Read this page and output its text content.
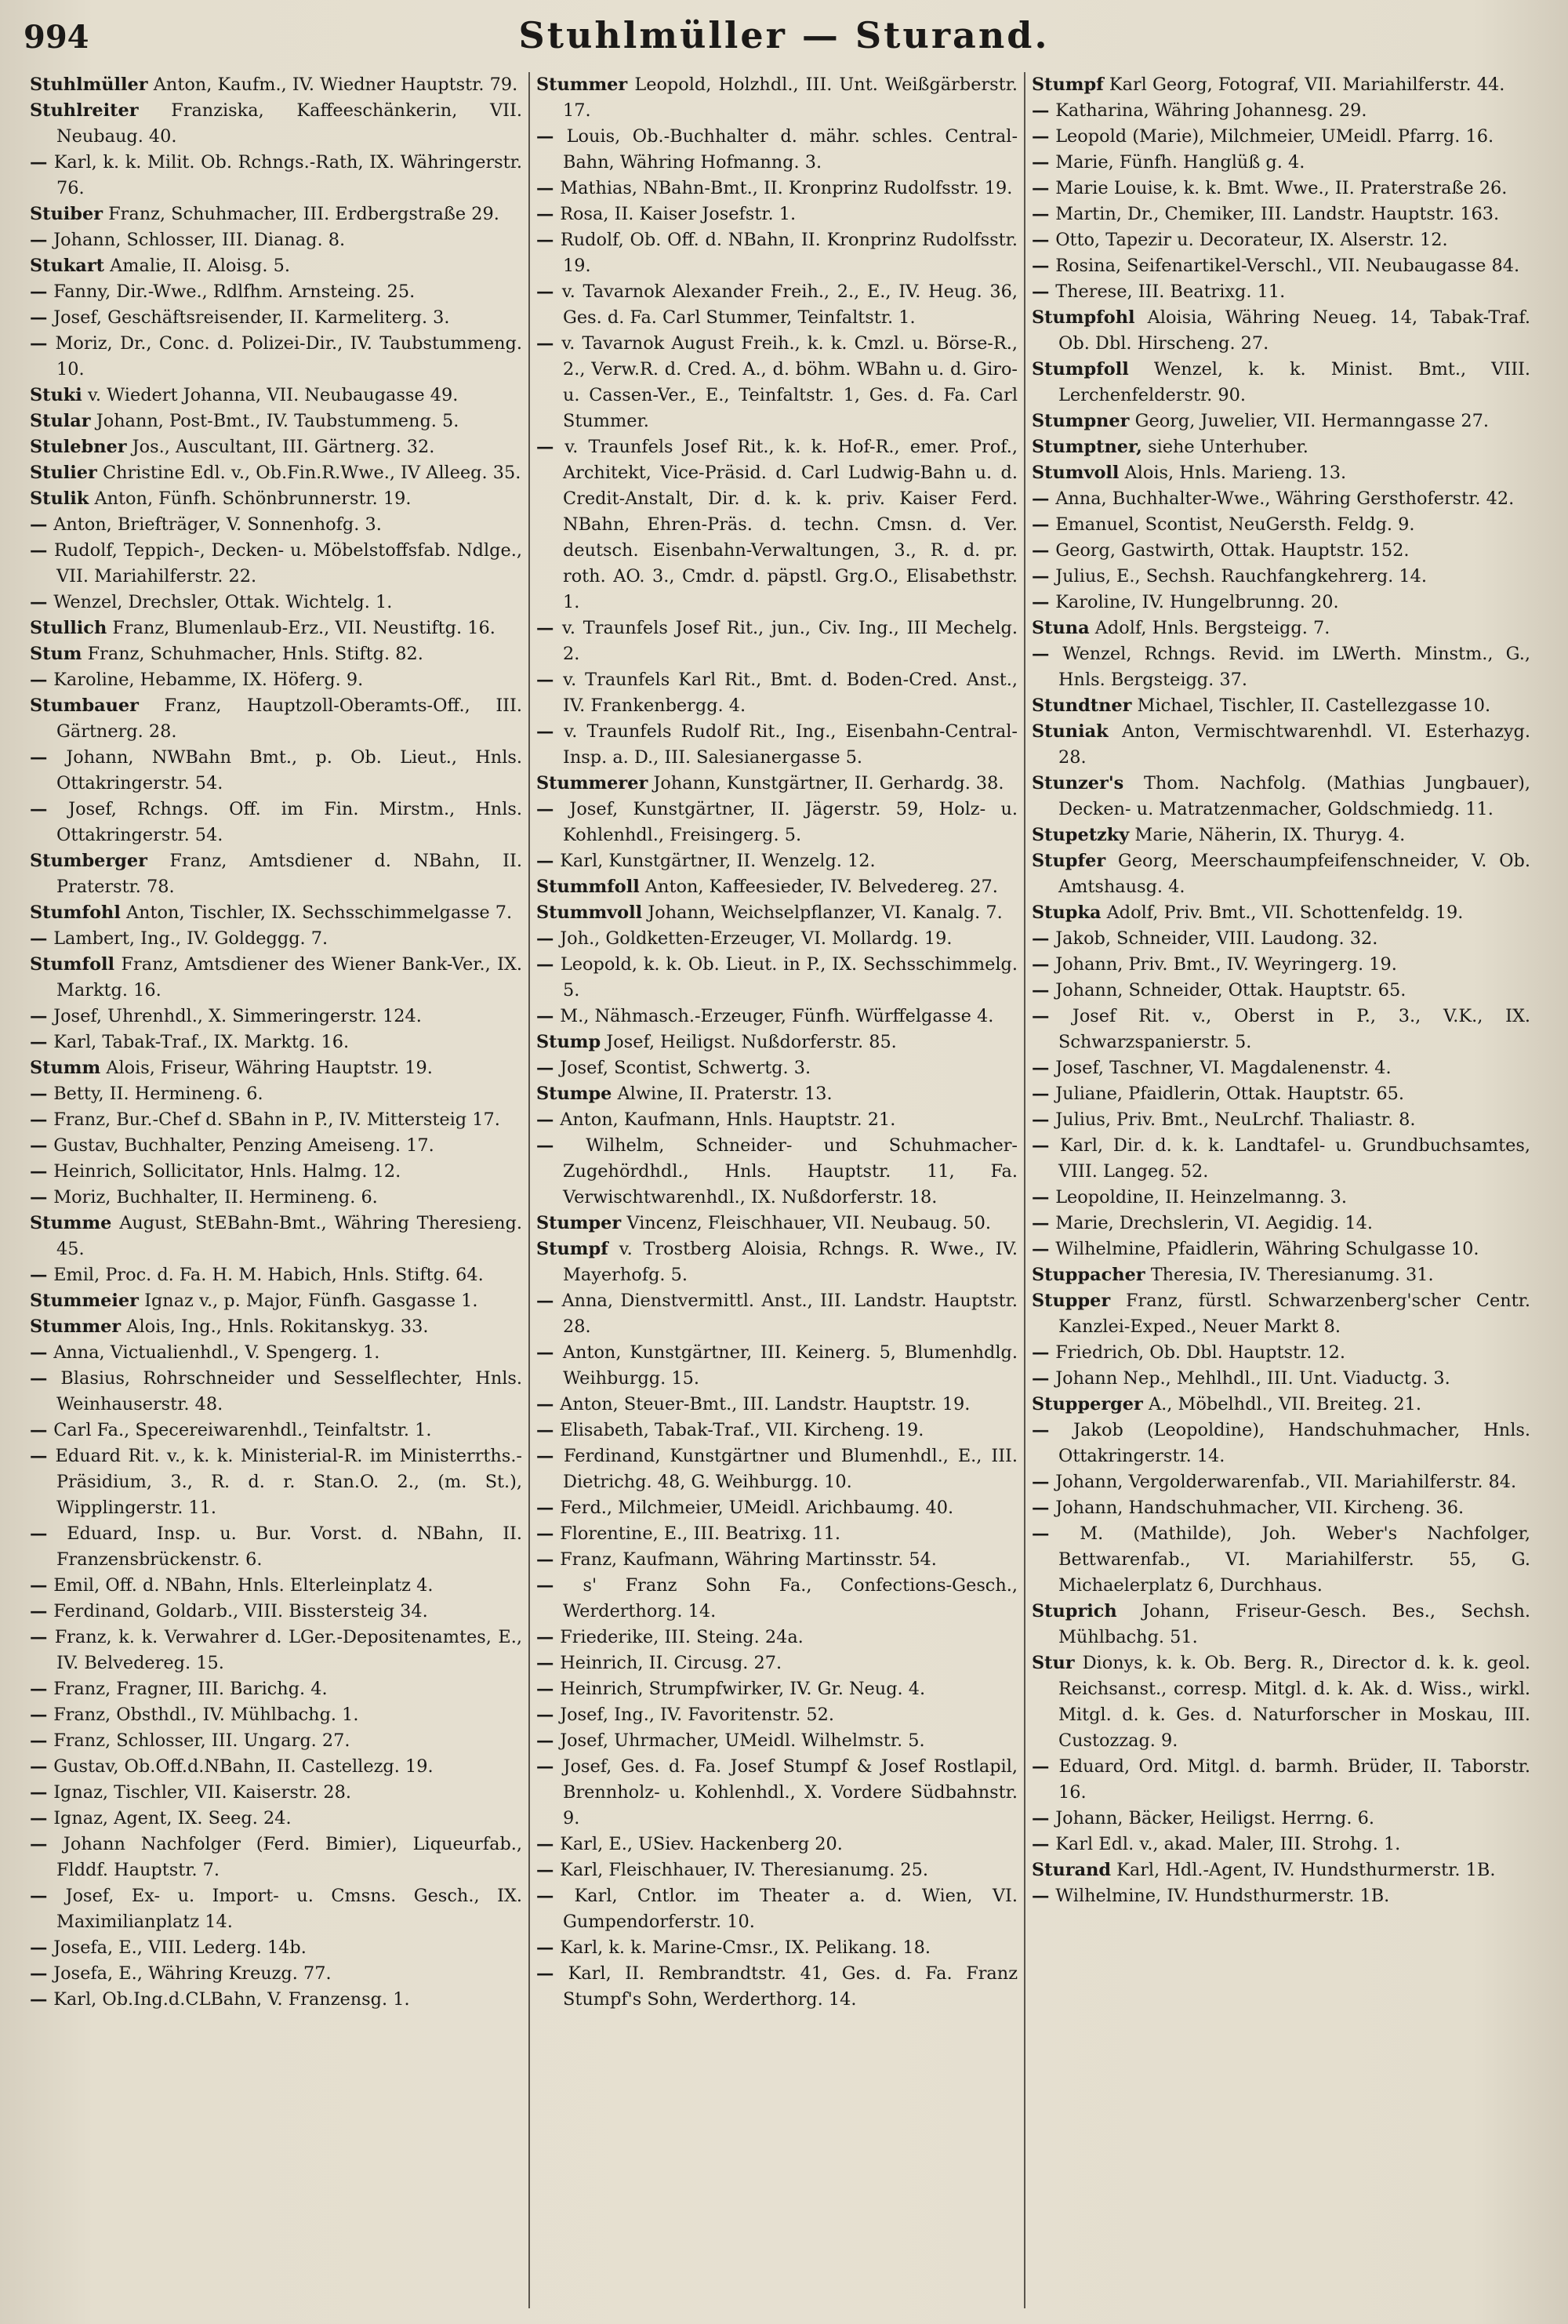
994	Stuhlmüller — Sturand.
Stuhlmüller Anton, Kaufm., IV. Wiedner Hauptstr. 79.
Stuhlreiter Franziska, Kaffeeschänkerin, VII. Neubaug. 40.
— Karl, k. k. Milit. Ob. Rchngs.-Rath, IX. Währingerstr. 76.
Stuiber Franz, Schuhmacher, III. Erdbergstraße 29.
— Johann, Schlosser, III. Dianag. 8.
Stukart Amalie, II. Aloisg. 5.
— Fanny, Dir.-Wwe., Rdlfhm. Arnsteing. 25.
— Josef, Geschäftsreisender, II. Karmeliterg. 3.
— Moriz, Dr., Conc. d. Polizei-Dir., IV. Taubstummeng. 10.
Stuki v. Wiedert Johanna, VII. Neubaugasse 49.
Stular Johann, Post-Bmt., IV. Taubstummeng. 5.
Stulebner Jos., Auscultant, III. Gärtnerg. 32.
Stulier Christine Edl. v., Ob.Fin.R.Wwe., IV Alleeg. 35.
Stulik Anton, Fünfh. Schönbrunnerstr. 19.
— Anton, Briefträger, V. Sonnenhofg. 3.
— Rudolf, Teppich-, Decken- u. Möbelstoffsfab. Ndlge., VII. Mariahilferstr. 22.
— Wenzel, Drechsler, Ottak. Wichtelg. 1.
Stullich Franz, Blumenlaub-Erz., VII. Neustiftg. 16.
Stum Franz, Schuhmacher, Hnls. Stiftg. 82.
— Karoline, Hebamme, IX. Höferg. 9.
Stumbauer Franz, Hauptzoll-Oberamts-Off., III. Gärtnerg. 28.
— Johann, NWBahn Bmt., p. Ob. Lieut., Hnls. Ottakringerstr. 54.
— Josef, Rchngs. Off. im Fin. Mirstm., Hnls. Ottakringerstr. 54.
Stumberger Franz, Amtsdiener d. NBahn, II. Praterstr. 78.
Stumfohl Anton, Tischler, IX. Sechsschimmelgasse 7.
— Lambert, Ing., IV. Goldeggg. 7.
Stumfoll Franz, Amtsdiener des Wiener Bank-Ver., IX. Marktg. 16.
— Josef, Uhrenhdl., X. Simmeringerstr. 124.
— Karl, Tabak-Traf., IX. Marktg. 16.
Stumm Alois, Friseur, Währing Hauptstr. 19.
— Betty, II. Hermineng. 6.
— Franz, Bur.-Chef d. SBahn in P., IV. Mittersteig 17.
— Gustav, Buchhalter, Penzing Ameiseng. 17.
— Heinrich, Sollicitator, Hnls. Halmg. 12.
— Moriz, Buchhalter, II. Hermineng. 6.
Stumme August, StEBahn-Bmt., Währing Theresieng. 45.
— Emil, Proc. d. Fa. H. M. Habich, Hnls. Stiftg. 64.
Stummeier Ignaz v., p. Major, Fünfh. Gasgasse 1.
Stummer Alois, Ing., Hnls. Rokitanskyg. 33.
— Anna, Victualienhdl., V. Spengerg. 1.
— Blasius, Rohrschneider und Sesselflechter, Hnls. Weinhauserstr. 48.
— Carl Fa., Specereiwarenhdl., Teinfaltstr. 1.
— Eduard Rit. v., k. k. Ministerial-R. im Ministerrths.-Präsidium, 3., R. d. r. Stan.O. 2., (m. St.), Wipplingerstr. 11.
— Eduard, Insp. u. Bur. Vorst. d. NBahn, II. Franzensbrückenstr. 6.
— Emil, Off. d. NBahn, Hnls. Elterleinplatz 4.
— Ferdinand, Goldarb., VIII. Bisstersteig 34.
— Franz, k. k. Verwahrer d. LGer.-Depositenamtes, E., IV. Belvedereg. 15.
— Franz, Fragner, III. Barichg. 4.
— Franz, Obsthdl., IV. Mühlbachg. 1.
— Franz, Schlosser, III. Ungarg. 27.
— Gustav, Ob.Off.d.NBahn, II. Castellezg. 19.
— Ignaz, Tischler, VII. Kaiserstr. 28.
— Ignaz, Agent, IX. Seeg. 24.
— Johann Nachfolger (Ferd. Bimier), Liqueurfab., Flddf. Hauptstr. 7.
— Josef, Ex- u. Import- u. Cmsns. Gesch., IX. Maximilianplatz 14.
— Josefa, E., VIII. Lederg. 14b.
— Josefa, E., Währing Kreuzg. 77.
— Karl, Ob.Ing.d.CLBahn, V. Franzensg. 1.
Stummer Leopold, Holzhdl., III. Unt. Weißgärberstr. 17.
— Louis, Ob.-Buchhalter d. mähr. schles. Central-Bahn, Währing Hofmanng. 3.
— Mathias, NBahn-Bmt., II. Kronprinz Rudolfsstr. 19.
— Rosa, II. Kaiser Josefstr. 1.
— Rudolf, Ob. Off. d. NBahn, II. Kronprinz Rudolfsstr. 19.
— v. Tavarnok Alexander Freih., 2., E., IV. Heug. 36, Ges. d. Fa. Carl Stummer, Teinfaltstr. 1.
— v. Tavarnok August Freih., k. k. Cmzl. u. Börse-R., 2., Verw.R. d. Cred. A., d. böhm. WBahn u. d. Giro- u. Cassen-Ver., E., Teinfaltstr. 1, Ges. d. Fa. Carl Stummer.
— v. Traunfels Josef Rit., k. k. Hof-R., emer. Prof., Architekt, Vice-Präsid. d. Carl Ludwig-Bahn u. d. Credit-Anstalt, Dir. d. k. k. priv. Kaiser Ferd. NBahn, Ehren-Präs. d. techn. Cmsn. d. Ver. deutsch. Eisenbahn-Verwaltungen, 3., R. d. pr. roth. AO. 3., Cmdr. d. päpstl. Grg.O., Elisabethstr. 1.
— v. Traunfels Josef Rit., jun., Civ. Ing., III Mechelg. 2.
— v. Traunfels Karl Rit., Bmt. d. Boden-Cred. Anst., IV. Frankenbergg. 4.
— v. Traunfels Rudolf Rit., Ing., Eisenbahn-Central-Insp. a. D., III. Salesianergasse 5.
Stummerer Johann, Kunstgärtner, II. Gerhardg. 38.
— Josef, Kunstgärtner, II. Jägerstr. 59, Holz- u. Kohlenhdl., Freisingerg. 5.
— Karl, Kunstgärtner, II. Wenzelg. 12.
Stummfoll Anton, Kaffeesieder, IV. Belvedereg. 27.
Stummvoll Johann, Weichselpflanzer, VI. Kanalg. 7.
— Joh., Goldketten-Erzeuger, VI. Mollardg. 19.
— Leopold, k. k. Ob. Lieut. in P., IX. Sechsschimmelg. 5.
— M., Nähmasch.-Erzeuger, Fünfh. Würffelgasse 4.
Stump Josef, Heiligst. Nußdorferstr. 85.
— Josef, Scontist, Schwertg. 3.
Stumpe Alwine, II. Praterstr. 13.
— Anton, Kaufmann, Hnls. Hauptstr. 21.
— Wilhelm, Schneider- und Schuhmacher-Zugehördhdl., Hnls. Hauptstr. 11, Fa. Verwischtwarenhdl., IX. Nußdorferstr. 18.
Stumper Vincenz, Fleischhauer, VII. Neubaug. 50.
Stumpf v. Trostberg Aloisia, Rchngs. R. Wwe., IV. Mayerhofg. 5.
— Anna, Dienstvermittl. Anst., III. Landstr. Hauptstr. 28.
— Anton, Kunstgärtner, III. Keinerg. 5, Blumenhdlg. Weihburgg. 15.
— Anton, Steuer-Bmt., III. Landstr. Hauptstr. 19.
— Elisabeth, Tabak-Traf., VII. Kircheng. 19.
— Ferdinand, Kunstgärtner und Blumenhdl., E., III. Dietrichg. 48, G. Weihburgg. 10.
— Ferd., Milchmeier, UMeidl. Arichbaumg. 40.
— Florentine, E., III. Beatrixg. 11.
— Franz, Kaufmann, Währing Martinsstr. 54.
— s' Franz Sohn Fa., Confections-Gesch., Werderthorg. 14.
— Friederike, III. Steing. 24a.
— Heinrich, II. Circusg. 27.
— Heinrich, Strumpfwirker, IV. Gr. Neug. 4.
— Josef, Ing., IV. Favoritenstr. 52.
— Josef, Uhrmacher, UMeidl. Wilhelmstr. 5.
— Josef, Ges. d. Fa. Josef Stumpf & Josef Rostlapil, Brennholz- u. Kohlenhdl., X. Vordere Südbahnstr. 9.
— Karl, E., USiev. Hackenberg 20.
— Karl, Fleischhauer, IV. Theresianumg. 25.
— Karl, Cntlor. im Theater a. d. Wien, VI. Gumpendorferstr. 10.
— Karl, k. k. Marine-Cmsr., IX. Pelikang. 18.
— Karl, II. Rembrandtstr. 41, Ges. d. Fa. Franz Stumpf's Sohn, Werderthorg. 14.
Stumpf Karl Georg, Fotograf, VII. Mariahilferstr. 44.
— Katharina, Währing Johannesg. 29.
— Leopold (Marie), Milchmeier, UMeidl. Pfarrg. 16.
— Marie, Fünfh. Hanglüß g. 4.
— Marie Louise, k. k. Bmt. Wwe., II. Praterstraße 26.
— Martin, Dr., Chemiker, III. Landstr. Hauptstr. 163.
— Otto, Tapezir u. Decorateur, IX. Alserstr. 12.
— Rosina, Seifenartikel-Verschl., VII. Neubaugasse 84.
— Therese, III. Beatrixg. 11.
Stumpfohl Aloisia, Währing Neueg. 14, Tabak-Traf. Ob. Dbl. Hirscheng. 27.
Stumpfoll Wenzel, k. k. Minist. Bmt., VIII. Lerchenfelderstr. 90.
Stumpner Georg, Juwelier, VII. Hermanngasse 27.
Stumptner, siehe Unterhuber.
Stumvoll Alois, Hnls. Marieng. 13.
— Anna, Buchhalter-Wwe., Währing Gersthoferstr. 42.
— Emanuel, Scontist, NeuGersth. Feldg. 9.
— Georg, Gastwirth, Ottak. Hauptstr. 152.
— Julius, E., Sechsh. Rauchfangkehrerg. 14.
— Karoline, IV. Hungelbrunng. 20.
Stuna Adolf, Hnls. Bergsteigg. 7.
— Wenzel, Rchngs. Revid. im LWerth. Minstm., G., Hnls. Bergsteigg. 37.
Stundtner Michael, Tischler, II. Castellezgasse 10.
Stuniak Anton, Vermischtwarenhdl. VI. Esterhazyg. 28.
Stunzer's Thom. Nachfolg. (Mathias Jungbauer), Decken- u. Matratzenmacher, Goldschmiedg. 11.
Stupetzky Marie, Näherin, IX. Thuryg. 4.
Stupfer Georg, Meerschaumpfeifenschneider, V. Ob. Amtshausg. 4.
Stupka Adolf, Priv. Bmt., VII. Schottenfeldg. 19.
— Jakob, Schneider, VIII. Laudong. 32.
— Johann, Priv. Bmt., IV. Weyringerg. 19.
— Johann, Schneider, Ottak. Hauptstr. 65.
— Josef Rit. v., Oberst in P., 3., V.K., IX. Schwarzspanierstr. 5.
— Josef, Taschner, VI. Magdalenenstr. 4.
— Juliane, Pfaidlerin, Ottak. Hauptstr. 65.
— Julius, Priv. Bmt., NeuLrchf. Thaliastr. 8.
— Karl, Dir. d. k. k. Landtafel- u. Grundbuchsamtes, VIII. Langeg. 52.
— Leopoldine, II. Heinzelmanng. 3.
— Marie, Drechslerin, VI. Aegidig. 14.
— Wilhelmine, Pfaidlerin, Währing Schulgasse 10.
Stuppacher Theresia, IV. Theresianumg. 31.
Stupper Franz, fürstl. Schwarzenberg'scher Centr. Kanzlei-Exped., Neuer Markt 8.
— Friedrich, Ob. Dbl. Hauptstr. 12.
— Johann Nep., Mehlhdl., III. Unt. Viaductg. 3.
Stupperger A., Möbelhdl., VII. Breiteg. 21.
— Jakob (Leopoldine), Handschuhmacher, Hnls. Ottakringerstr. 14.
— Johann, Vergolderwarenfab., VII. Mariahilferstr. 84.
— Johann, Handschuhmacher, VII. Kircheng. 36.
— M. (Mathilde), Joh. Weber's Nachfolger, Bettwarenfab., VI. Mariahilferstr. 55, G. Michaelerplatz 6, Durchhaus.
Stuprich Johann, Friseur-Gesch. Bes., Sechsh. Mühlbachg. 51.
Stur Dionys, k. k. Ob. Berg. R., Director d. k. k. geol. Reichsanst., corresp. Mitgl. d. k. Ak. d. Wiss., wirkl. Mitgl. d. k. Ges. d. Naturforscher in Moskau, III. Custozzag. 9.
— Eduard, Ord. Mitgl. d. barmh. Brüder, II. Taborstr. 16.
— Johann, Bäcker, Heiligst. Herrng. 6.
— Karl Edl. v., akad. Maler, III. Strohg. 1.
Sturand Karl, Hdl.-Agent, IV. Hundsthurmerstr. 1B.
— Wilhelmine, IV. Hundsthurmerstr. 1B.
